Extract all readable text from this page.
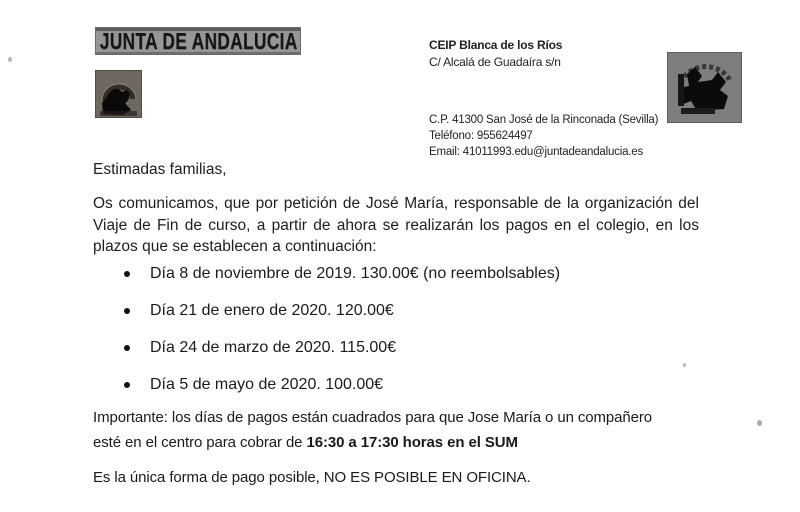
JUNTA DE ANDALUCIA	CEIP Blanca de los Ríos
C/ Alcalá de Guadaíra s/n
C.P. 41300 San José de la Rinconada (Sevilla)
Teléfono: 955624497
Email: 41011993.edu@juntadeandalucia.es
Estimadas familias,
Os comunicamos, que por petición de José María, responsable de la organización del
Viaje de Fin de curso, a partir de ahora se realizarán los pagos en el colegio, en los
plazos que se establecen a continuación:
Día 8 de noviembre de 2019. 130.00€ (no reembolsables)
Día 21 de enero de 2020. 120.00€
Día 24 de marzo de 2020. 115.00€
Día 5 de mayo de 2020. 100.00€
Importante: los días de pagos están cuadrados para que Jose María o un compañero
esté en el centro para cobrar de 16:30 a 17:30 horas en el SUM
Es la única forma de pago posible, NO ES POSIBLE EN OFICINA.
